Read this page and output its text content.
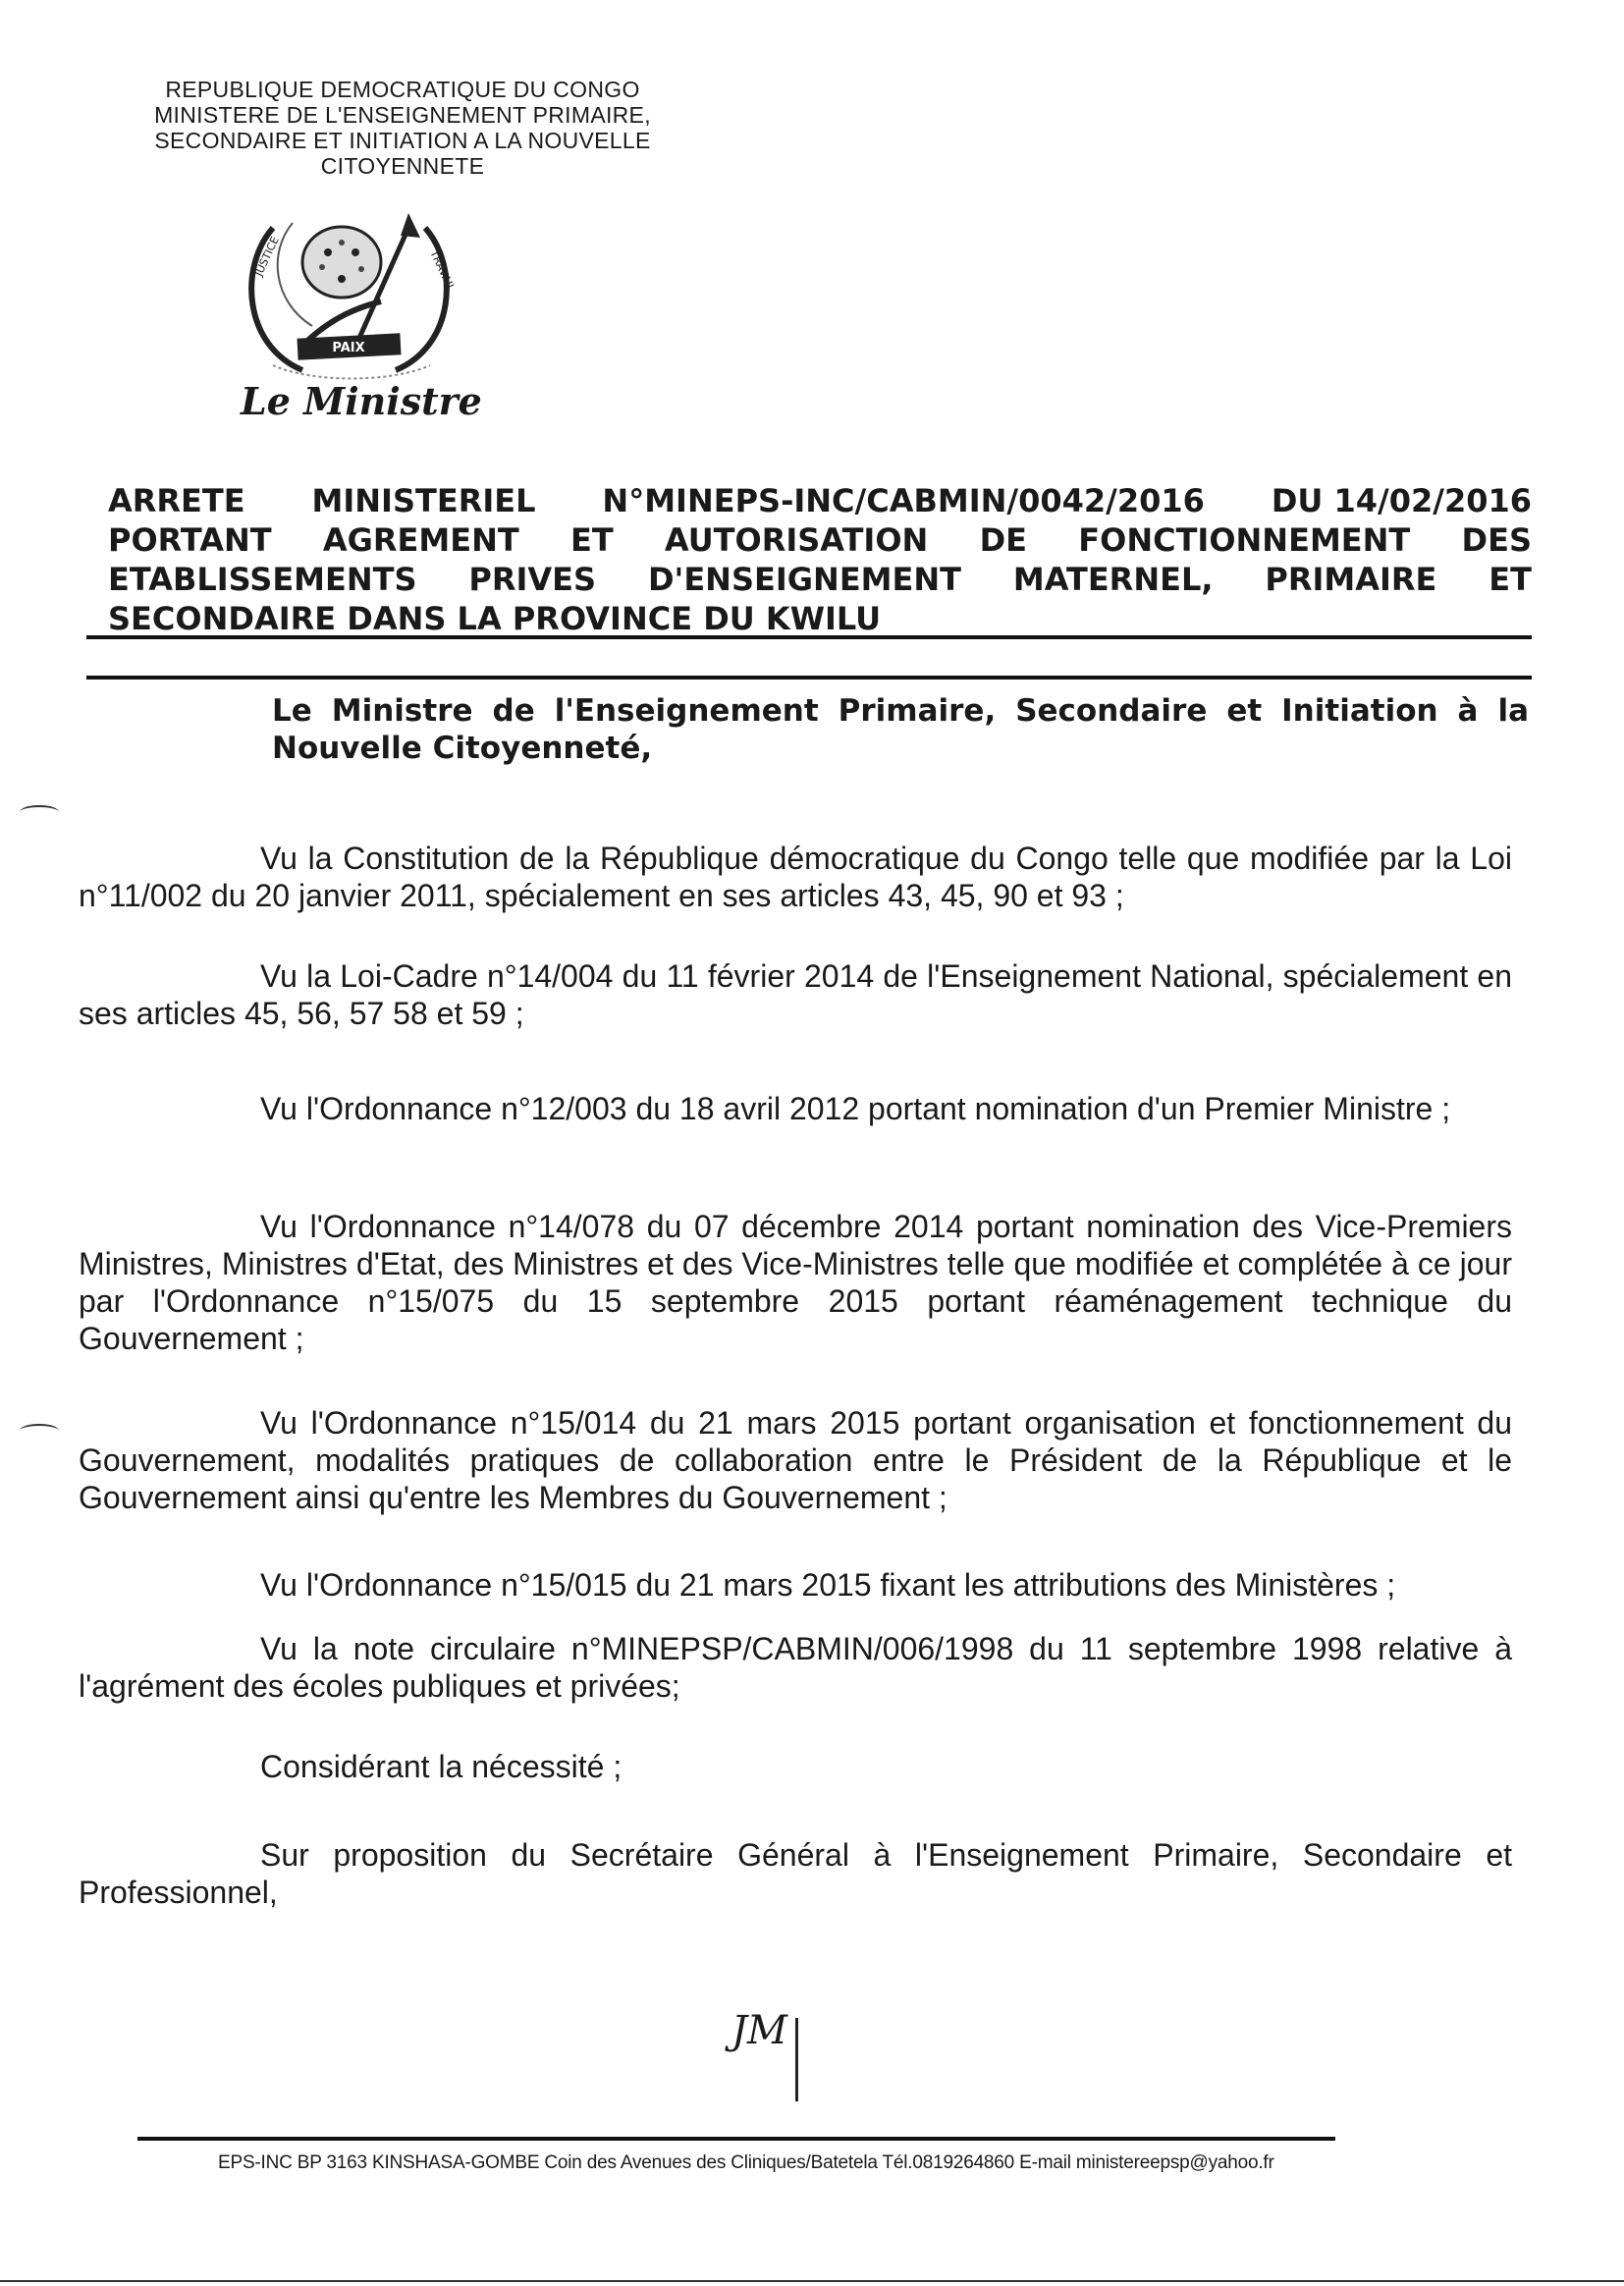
REPUBLIQUE DEMOCRATIQUE DU CONGO
MINISTERE DE L'ENSEIGNEMENT PRIMAIRE,
SECONDAIRE ET INITIATION A LA NOUVELLE
CITOYENNETE
PAIX
JUSTICE	TRAVAIL
Le Ministre
ARRETE MINISTERIEL N°MINEPS-INC/CABMIN/0042/2016 DU 14/02/2016
PORTANT AGREMENT ET AUTORISATION DE FONCTIONNEMENT DES
ETABLISSEMENTS PRIVES D'ENSEIGNEMENT MATERNEL, PRIMAIRE ET
SECONDAIRE DANS LA PROVINCE DU KWILU
Le Ministre de l'Enseignement Primaire, Secondaire et Initiation à la Nouvelle Citoyenneté,
Vu la Constitution de la République démocratique du Congo telle que modifiée par la Loi n°11/002 du 20 janvier 2011, spécialement en ses articles 43, 45, 90 et 93 ;
Vu la Loi-Cadre n°14/004 du 11 février 2014 de l'Enseignement National, spécialement en ses articles 45, 56, 57 58 et 59 ;
Vu l'Ordonnance n°12/003 du 18 avril 2012 portant nomination d'un Premier Ministre ;
Vu l'Ordonnance n°14/078 du 07 décembre 2014 portant nomination des Vice-Premiers Ministres, Ministres d'Etat, des Ministres et des Vice-Ministres telle que modifiée et complétée à ce jour par l'Ordonnance n°15/075 du 15 septembre 2015 portant réaménagement technique du Gouvernement ;
Vu l'Ordonnance n°15/014 du 21 mars 2015 portant organisation et fonctionnement du Gouvernement, modalités pratiques de collaboration entre le Président de la République et le Gouvernement ainsi qu'entre les Membres du Gouvernement ;
Vu l'Ordonnance n°15/015 du 21 mars 2015 fixant les attributions des Ministères ;
Vu la note circulaire n°MINEPSP/CABMIN/006/1998 du 11 septembre 1998 relative à l'agrément des écoles publiques et privées;
Considérant la nécessité ;
Sur proposition du Secrétaire Général à l'Enseignement Primaire, Secondaire et Professionnel,
JM
EPS-INC BP 3163 KINSHASA-GOMBE Coin des Avenues des Cliniques/Batetela Tél.0819264860 E-mail ministereepsp@yahoo.fr
